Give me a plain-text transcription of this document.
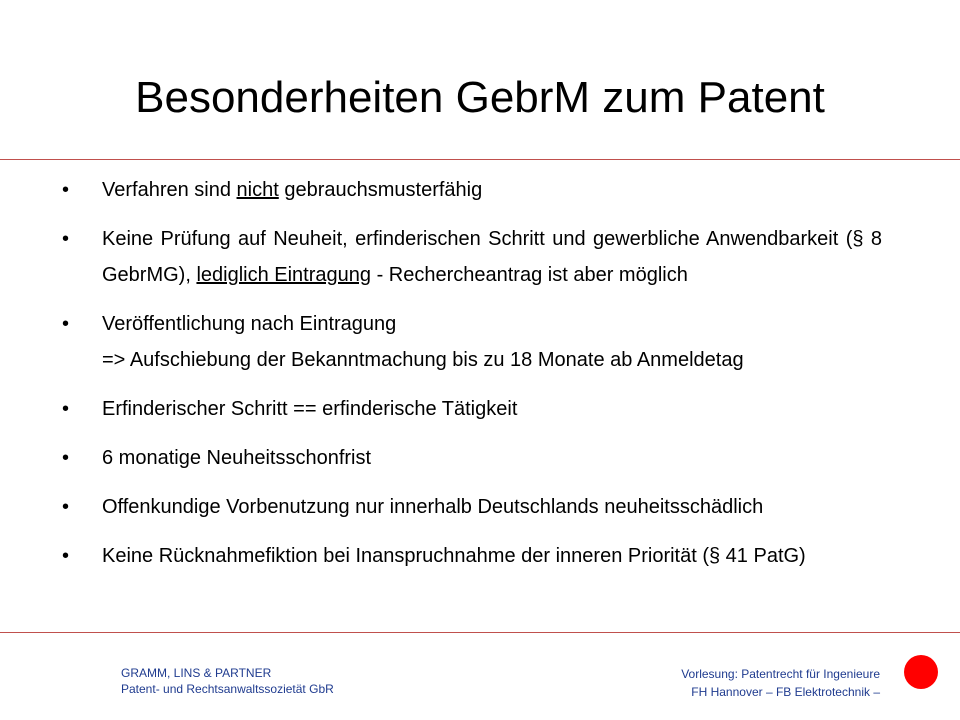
Besonderheiten GebrM zum Patent
• Verfahren sind nicht gebrauchsmusterfähig
• Keine Prüfung auf Neuheit, erfinderischen Schritt und gewerbliche Anwendbarkeit (§ 8 GebrMG), lediglich Eintragung - Rechercheantrag ist aber möglich
• Veröffentlichung nach Eintragung
=> Aufschiebung der Bekanntmachung bis zu 18 Monate ab Anmeldetag
• Erfinderischer Schritt == erfinderische Tätigkeit
• 6 monatige Neuheitsschonfrist
• Offenkundige Vorbenutzung nur innerhalb Deutschlands neuheitsschädlich
• Keine Rücknahmefiktion bei Inanspruchnahme der inneren Priorität (§ 41 PatG)
GRAMM, LINS & PARTNER
Patent- und Rechtsanwaltssozietät GbR
Vorlesung: Patentrecht für Ingenieure
FH Hannover – FB Elektrotechnik –
